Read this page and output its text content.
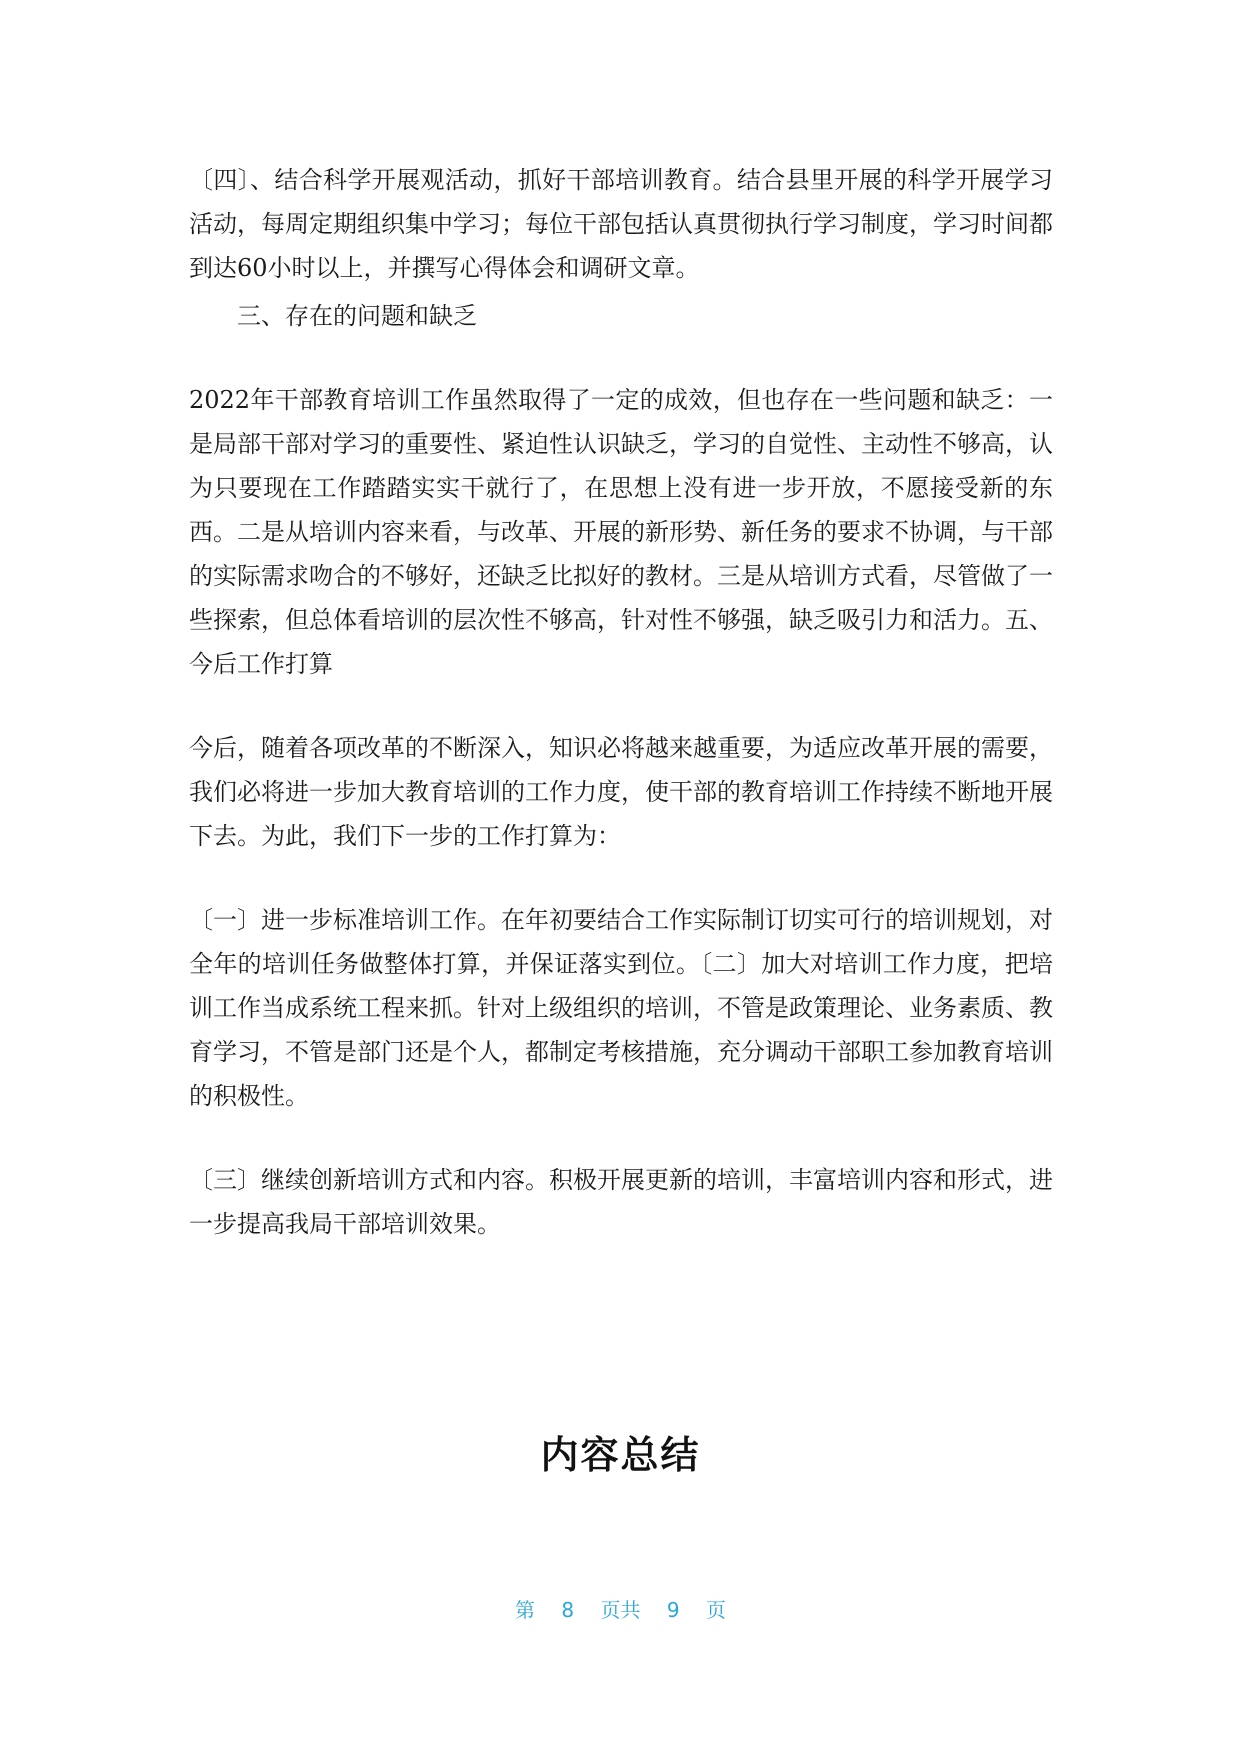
〔四〕、结合科学开展观活动，抓好干部培训教育。结合县里开展的科学开展学习活动，每周定期组织集中学习；每位干部包括认真贯彻执行学习制度，学习时间都到达60小时以上，并撰写心得体会和调研文章。

三、存在的问题和缺乏

2022年干部教育培训工作虽然取得了一定的成效，但也存在一些问题和缺乏：一是局部干部对学习的重要性、紧迫性认识缺乏，学习的自觉性、主动性不够高，认为只要现在工作踏踏实实干就行了，在思想上没有进一步开放，不愿接受新的东西。二是从培训内容来看，与改革、开展的新形势、新任务的要求不协调，与干部的实际需求吻合的不够好，还缺乏比拟好的教材。三是从培训方式看，尽管做了一些探索，但总体看培训的层次性不够高，针对性不够强，缺乏吸引力和活力。五、今后工作打算

今后，随着各项改革的不断深入，知识必将越来越重要，为适应改革开展的需要，我们必将进一步加大教育培训的工作力度，使干部的教育培训工作持续不断地开展下去。为此，我们下一步的工作打算为：

〔一〕进一步标准培训工作。在年初要结合工作实际制订切实可行的培训规划，对全年的培训任务做整体打算，并保证落实到位。〔二〕加大对培训工作力度，把培训工作当成系统工程来抓。针对上级组织的培训，不管是政策理论、业务素质、教育学习，不管是部门还是个人，都制定考核措施，充分调动干部职工参加教育培训的积极性。

〔三〕继续创新培训方式和内容。积极开展更新的培训，丰富培训内容和形式，进一步提高我局干部培训效果。

内容总结
第 8 页共 9 页
